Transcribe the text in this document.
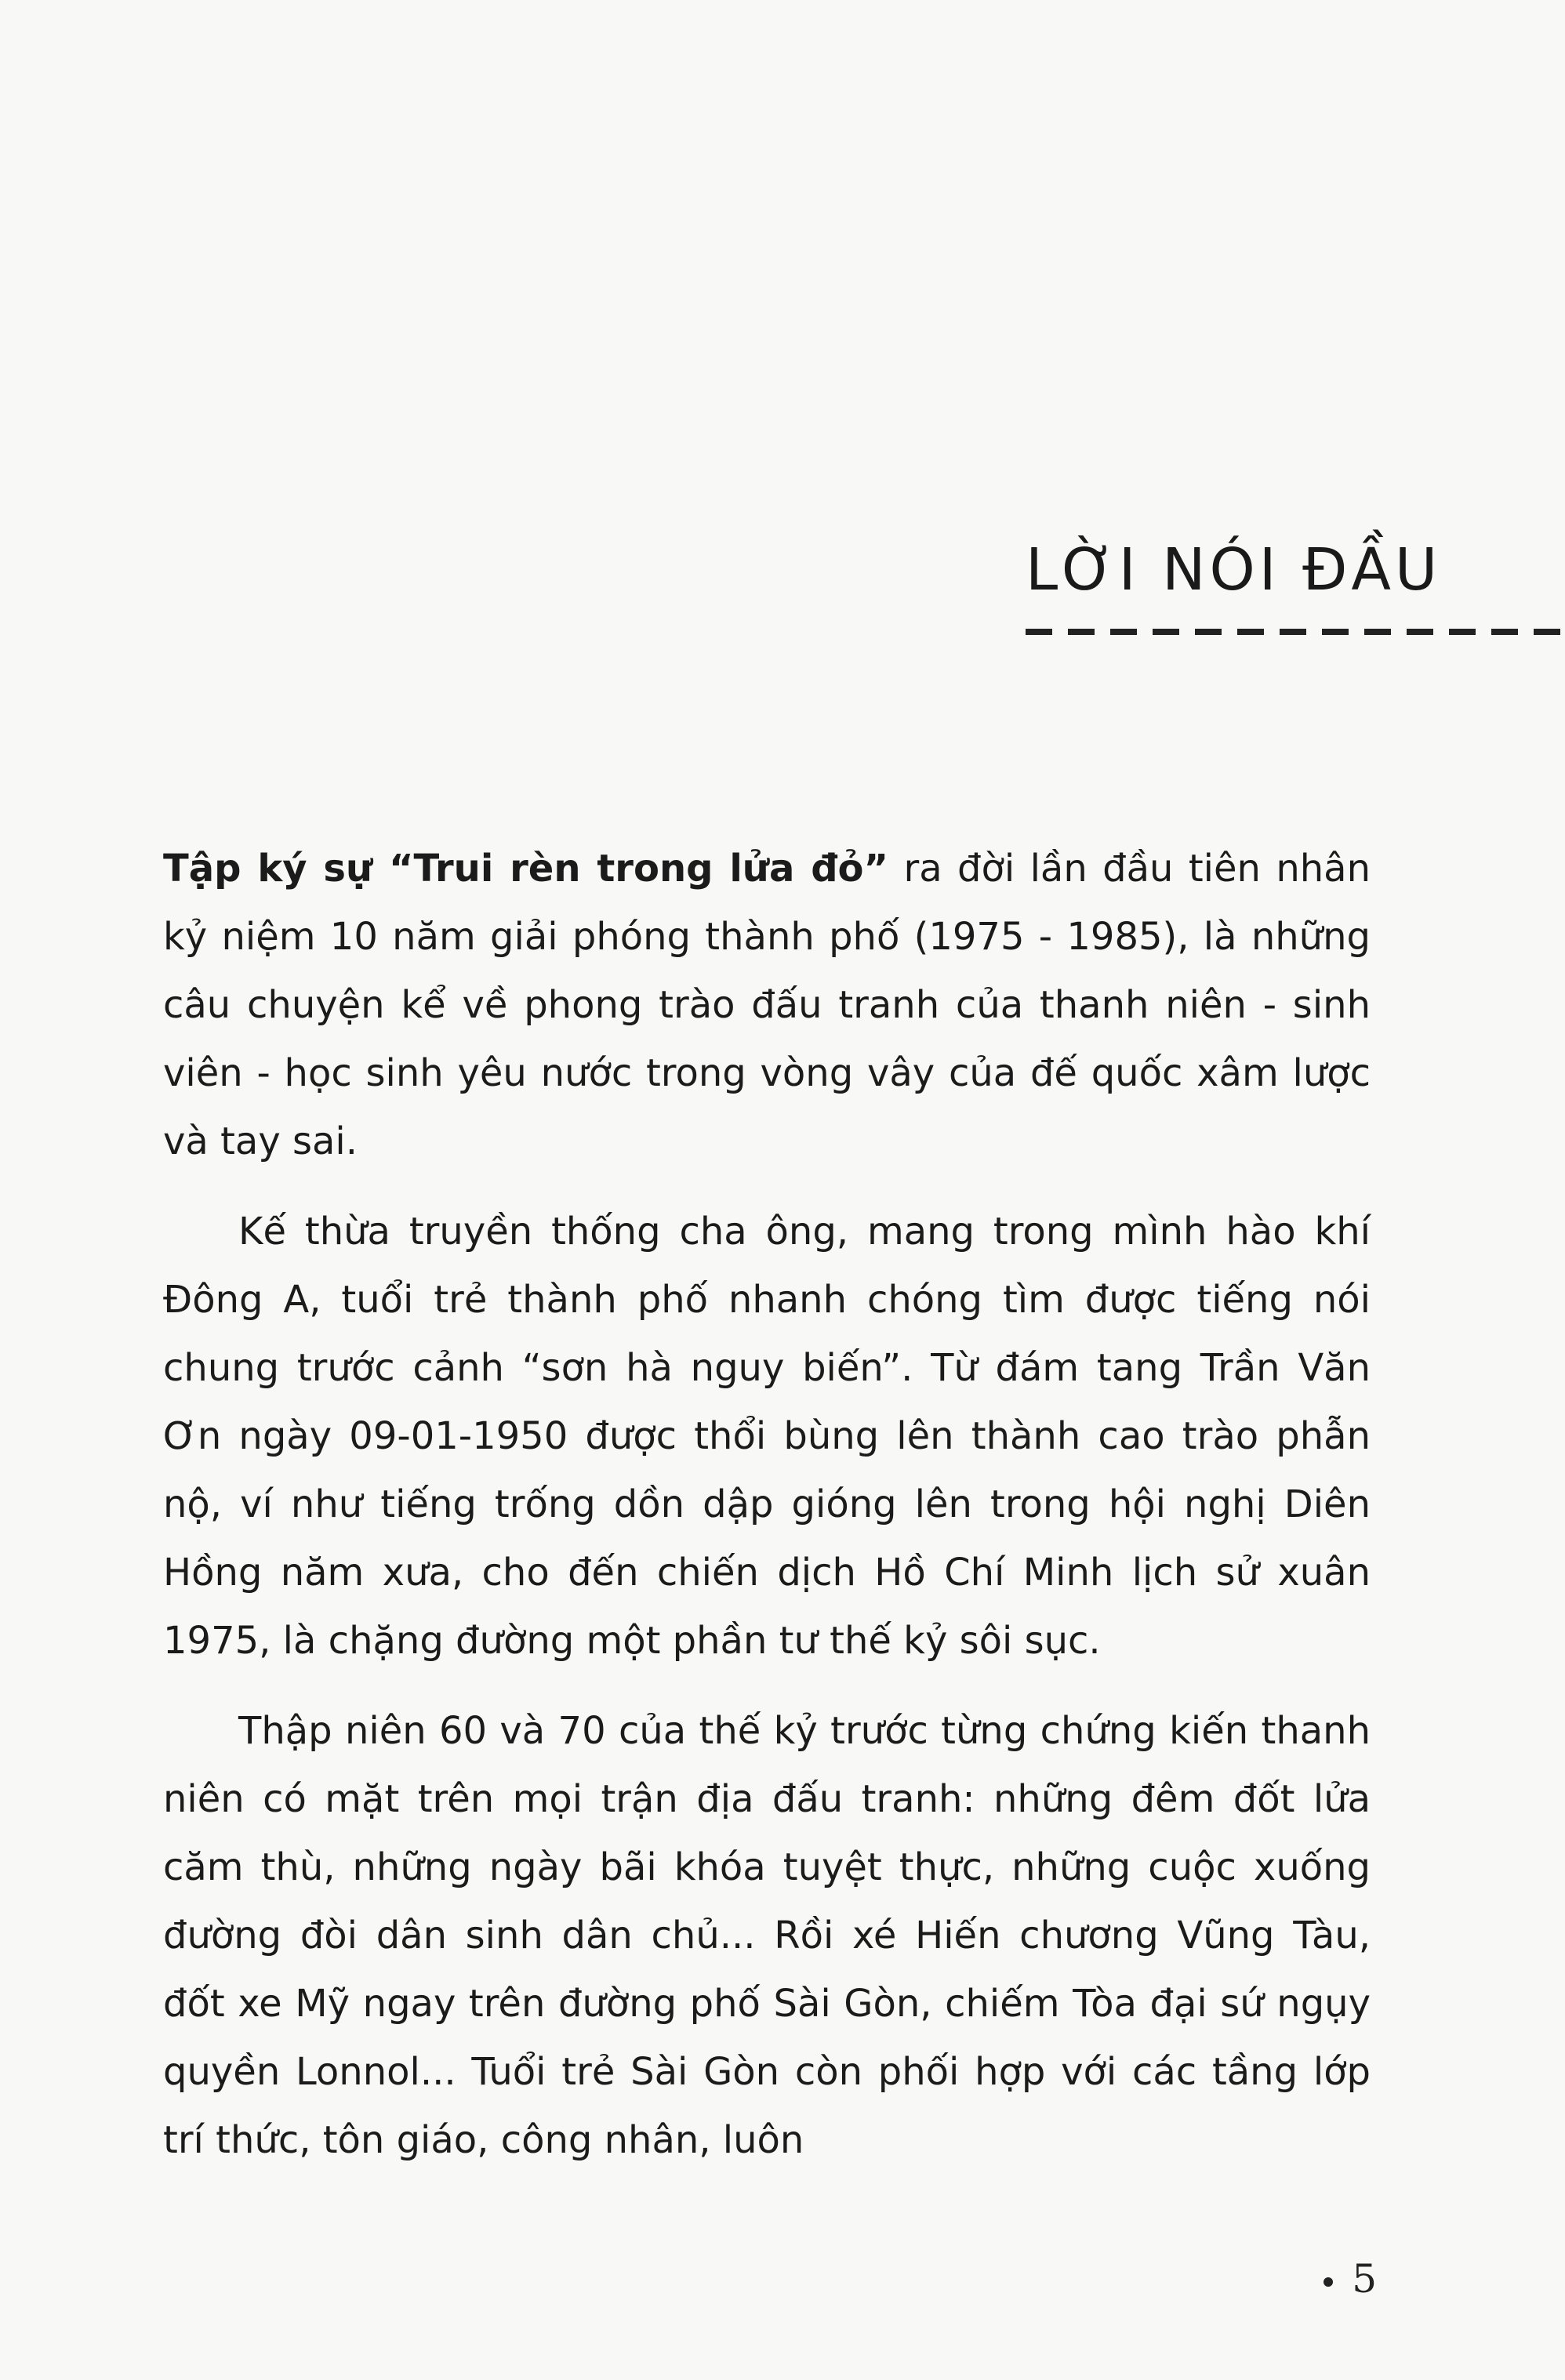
LỜI NÓI ĐẦU

Tập ký sự “Trui rèn trong lửa đỏ” ra đời lần đầu tiên nhân kỷ niệm 10 năm giải phóng thành phố (1975 - 1985), là những câu chuyện kể về phong trào đấu tranh của thanh niên - sinh viên - học sinh yêu nước trong vòng vây của đế quốc xâm lược và tay sai.

Kế thừa truyền thống cha ông, mang trong mình hào khí Đông A, tuổi trẻ thành phố nhanh chóng tìm được tiếng nói chung trước cảnh “sơn hà nguy biến”. Từ đám tang Trần Văn Ơn ngày 09-01-1950 được thổi bùng lên thành cao trào phẫn nộ, ví như tiếng trống dồn dập gióng lên trong hội nghị Diên Hồng năm xưa, cho đến chiến dịch Hồ Chí Minh lịch sử xuân 1975, là chặng đường một phần tư thế kỷ sôi sục.

Thập niên 60 và 70 của thế kỷ trước từng chứng kiến thanh niên có mặt trên mọi trận địa đấu tranh: những đêm đốt lửa căm thù, những ngày bãi khóa tuyệt thực, những cuộc xuống đường đòi dân sinh dân chủ... Rồi xé Hiến chương Vũng Tàu, đốt xe Mỹ ngay trên đường phố Sài Gòn, chiếm Tòa đại sứ ngụy quyền Lonnol... Tuổi trẻ Sài Gòn còn phối hợp với các tầng lớp trí thức, tôn giáo, công nhân, luôn

5
